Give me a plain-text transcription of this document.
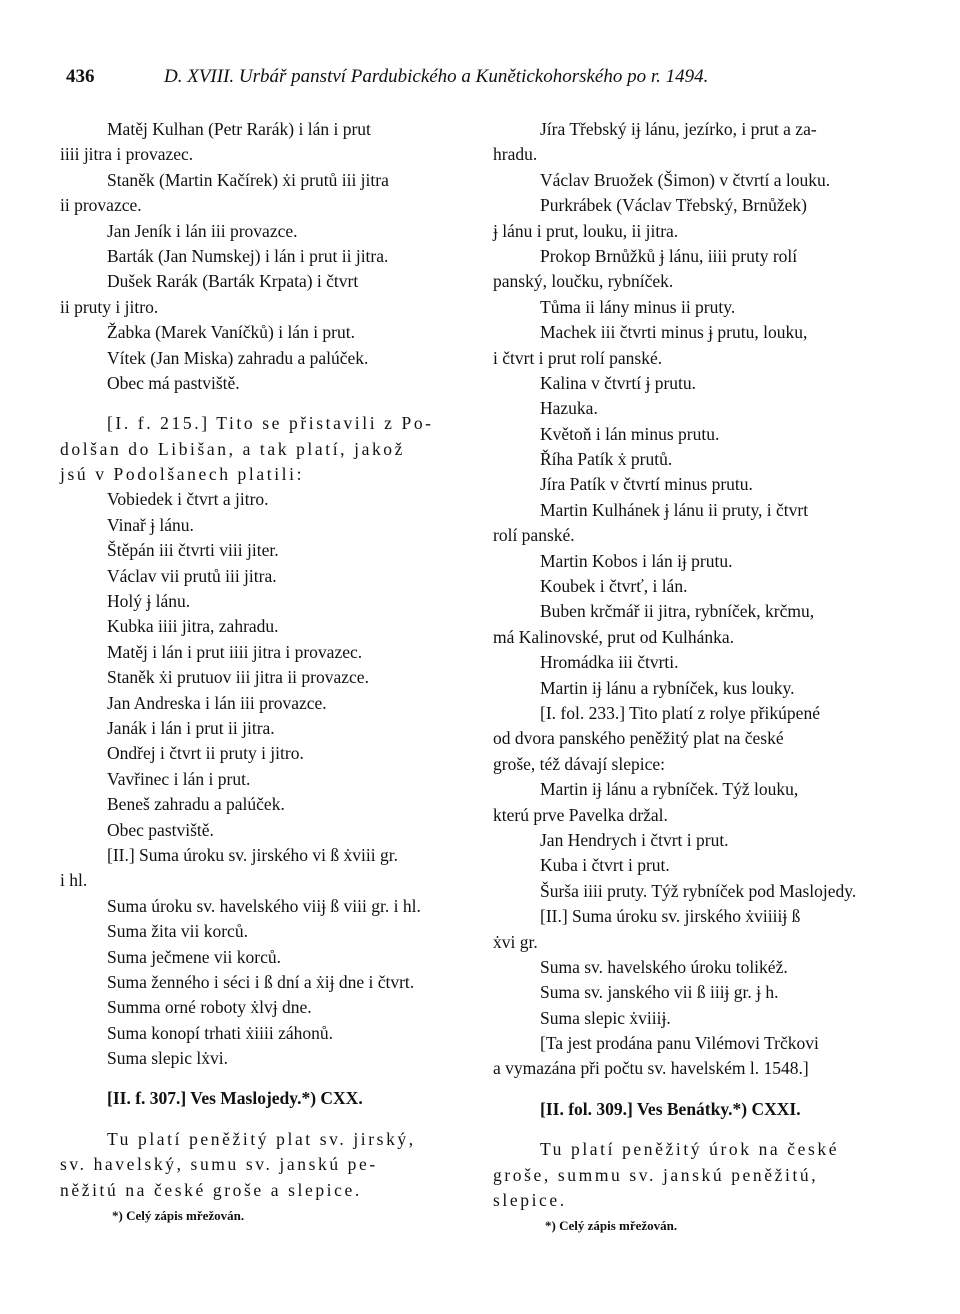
436	D. XVIII. Urbář panství Pardubického a Kunětickohorského po r. 1494.
Matěj Kulhan (Petr Rarák) i lán i prut
iiii jitra i provazec.
Staněk (Martin Kačírek) ẋi prutů iii jitra
ii provazce.
Jan Jeník i lán iii provazce.
Barták (Jan Numskej) i lán i prut ii jitra.
Dušek Rarák (Barták Krpata) i čtvrt
ii pruty i jitro.
Žabka (Marek Vaníčků) i lán i prut.
Vítek (Jan Miska) zahradu a palúček.
Obec má pastviště.
[I. f. 215.] Tito se přistavili z Po-
dolšan do Libišan, a tak platí, jakož
jsú v Podolšanech platili:
Vobiedek i čtvrt a jitro.
Vinař ɉ lánu.
Štěpán iii čtvrti viii jiter.
Václav vii prutů iii jitra.
Holý ɉ lánu.
Kubka iiii jitra, zahradu.
Matěj i lán i prut iiii jitra i provazec.
Staněk ẋi prutuov iii jitra ii provazce.
Jan Andreska i lán iii provazce.
Janák i lán i prut ii jitra.
Ondřej i čtvrt ii pruty i jitro.
Vavřinec i lán i prut.
Beneš zahradu a palúček.
Obec pastviště.
[II.] Suma úroku sv. jirského vi ß ẋviii gr.
i hl.
Suma úroku sv. havelského viiɉ ß viii gr. i hl.
Suma žita vii korců.
Suma ječmene vii korců.
Suma ženného i séci i ß dní a ẋiɉ dne i čtvrt.
Summa orné roboty ẋlvɉ dne.
Suma konopí trhati ẋiiii záhonů.
Suma slepic lẋvi.
[II. f. 307.] Ves Maslojedy.*) CXX.
Tu platí peněžitý plat sv. jirský,
sv. havelský, sumu sv. janskú pe-
něžitú na české groše a slepice.
*) Celý zápis mřežován.
Jíra Třebský iɉ lánu, jezírko, i prut a za-
hradu.
Václav Bruožek (Šimon) v čtvrtí a louku.
Purkrábek (Václav Třebský, Brnůžek)
ɉ lánu i prut, louku, ii jitra.
Prokop Brnůžků ɉ lánu, iiii pruty rolí
panský, loučku, rybníček.
Tůma ii lány minus ii pruty.
Machek iii čtvrti minus ɉ prutu, louku,
i čtvrt i prut rolí panské.
Kalina v čtvrtí ɉ prutu.
Hazuka.
Květoň i lán minus prutu.
Říha Patík ẋ prutů.
Jíra Patík v čtvrtí minus prutu.
Martin Kulhánek ɉ lánu ii pruty, i čtvrt
rolí panské.
Martin Kobos i lán iɉ prutu.
Koubek i čtvrť, i lán.
Buben krčmář ii jitra, rybníček, krčmu,
má Kalinovské, prut od Kulhánka.
Hromádka iii čtvrti.
Martin iɉ lánu a rybníček, kus louky.
[I. fol. 233.] Tito platí z rolye přikúpené
od dvora panského peněžitý plat na české
groše, též dávají slepice:
Martin iɉ lánu a rybníček. Týž louku,
kterú prve Pavelka držal.
Jan Hendrych i čtvrt i prut.
Kuba i čtvrt i prut.
Šurša iiii pruty. Týž rybníček pod Maslojedy.
[II.] Suma úroku sv. jirského ẋviiiiɉ ß
ẋvi gr.
Suma sv. havelského úroku tolikéž.
Suma sv. janského vii ß iiiɉ gr. ɉ h.
Suma slepic ẋviiiɉ.
[Ta jest prodána panu Vilémovi Trčkovi
a vymazána při počtu sv. havelském l. 1548.]
[II. fol. 309.] Ves Benátky.*) CXXI.
Tu platí peněžitý úrok na české
groše, summu sv. janskú peněžitú,
slepice.
*) Celý zápis mřežován.
